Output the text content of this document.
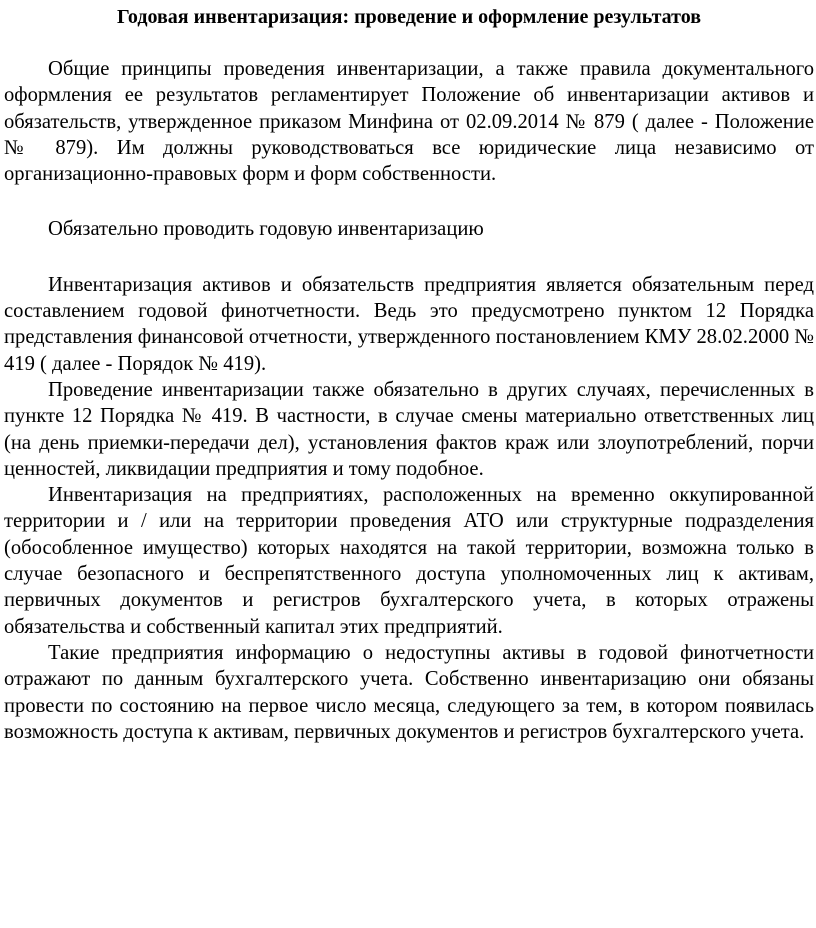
Годовая инвентаризация: проведение и оформление результатов

Общие принципы проведения инвентаризации, а также правила документального оформления ее результатов регламентирует Положение об инвентаризации активов и обязательств, утвержденное приказом Минфина от 02.09.2014 № 879 ( далее - Положение № 879). Им должны руководствоваться все юридические лица независимо от организационно-правовых форм и форм собственности.

Обязательно проводить годовую инвентаризацию

Инвентаризация активов и обязательств предприятия является обязательным перед составлением годовой финотчетности. Ведь это предусмотрено пунктом 12 Порядка представления финансовой отчетности, утвержденного постановлением КМУ 28.02.2000 № 419 ( далее - Порядок № 419).

Проведение инвентаризации также обязательно в других случаях, перечисленных в пункте 12 Порядка № 419. В частности, в случае смены материально ответственных лиц (на день приемки-передачи дел), установления фактов краж или злоупотреблений, порчи ценностей, ликвидации предприятия и тому подобное.

Инвентаризация на предприятиях, расположенных на временно оккупированной территории и / или на территории проведения АТО или структурные подразделения (обособленное имущество) которых находятся на такой территории, возможна только в случае безопасного и беспрепятственного доступа уполномоченных лиц к активам, первичных документов и регистров бухгалтерского учета, в которых отражены обязательства и собственный капитал этих предприятий.

Такие предприятия информацию о недоступны активы в годовой финотчетности отражают по данным бухгалтерского учета. Собственно инвентаризацию они обязаны провести по состоянию на первое число месяца, следующего за тем, в котором появилась возможность доступа к активам, первичных документов и регистров бухгалтерского учета.
